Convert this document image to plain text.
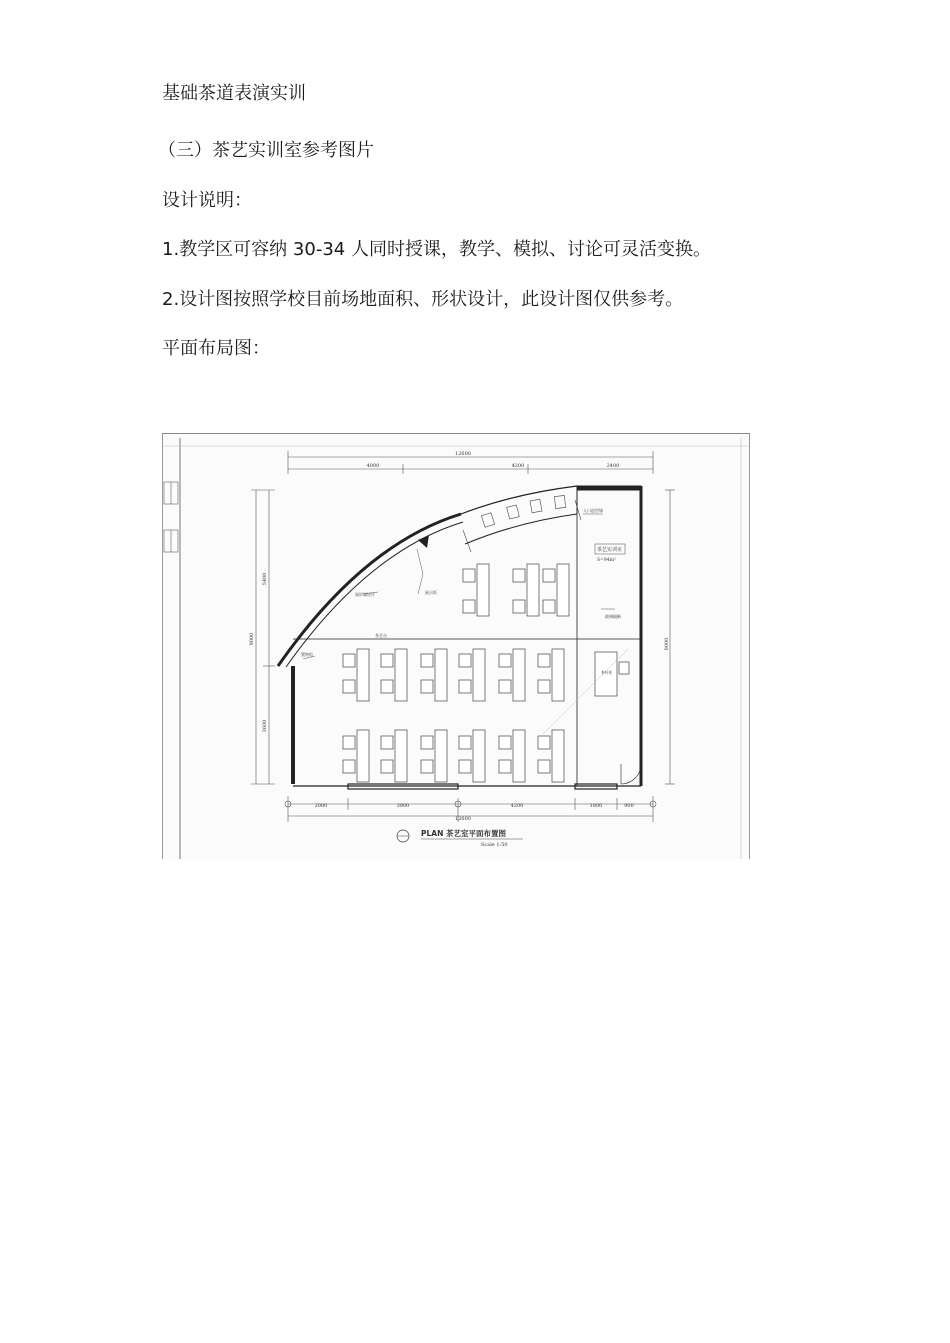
基础茶道表演实训
（三）茶艺实训室参考图片
设计说明：
1.教学区可容纳 30-34 人同时授课，教学、模拟、讨论可灵活变换。
2.设计图按照学校目前场地面积、形状设计，此设计图仅供参考。
平面布局图：
12600
4000	4200	2400
9000
5400
3600
9000
入口造型墙
茶艺实训室
S=94m²
弧形墙设计	展示柜
茶艺台
置物柜
玻璃隔断
茶叶柜
2000	3900	4200	1800	900
12600
PLAN 茶艺室平面布置图
Scale 1:50
